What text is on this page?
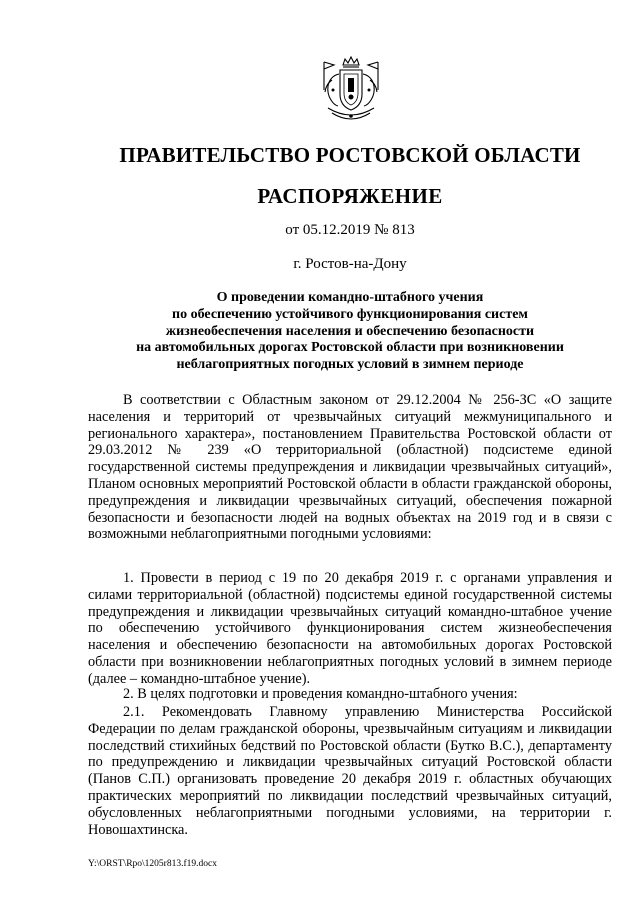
ПРАВИТЕЛЬСТВО РОСТОВСКОЙ ОБЛАСТИ
РАСПОРЯЖЕНИЕ
от 05.12.2019 № 813
г. Ростов-на-Дону
О проведении командно-штабного учения
по обеспечению устойчивого функционирования систем
жизнеобеспечения населения и обеспечению безопасности
на автомобильных дорогах Ростовской области при возникновении
неблагоприятных погодных условий в зимнем периоде

В соответствии с Областным законом от 29.12.2004 № 256-ЗС «О защите населения и территорий от чрезвычайных ситуаций межмуниципального и регионального характера», постановлением Правительства Ростовской области от 29.03.2012 № 239 «О территориальной (областной) подсистеме единой государственной системы предупреждения и ликвидации чрезвычайных ситуаций», Планом основных мероприятий Ростовской области в области гражданской обороны, предупреждения и ликвидации чрезвычайных ситуаций, обеспечения пожарной безопасности и безопасности людей на водных объектах на 2019 год и в связи с возможными неблагоприятными погодными условиями:

1. Провести в период с 19 по 20 декабря 2019 г. с органами управления и силами территориальной (областной) подсистемы единой государственной системы предупреждения и ликвидации чрезвычайных ситуаций командно-штабное учение по обеспечению устойчивого функционирования систем жизнеобеспечения населения и обеспечению безопасности на автомобильных дорогах Ростовской области при возникновении неблагоприятных погодных условий в зимнем периоде (далее – командно-штабное учение).

2. В целях подготовки и проведения командно-штабного учения:

2.1. Рекомендовать Главному управлению Министерства Российской Федерации по делам гражданской обороны, чрезвычайным ситуациям и ликвидации последствий стихийных бедствий по Ростовской области (Бутко В.С.), департаменту по предупреждению и ликвидации чрезвычайных ситуаций Ростовской области (Панов С.П.) организовать проведение 20 декабря 2019 г. областных обучающих практических мероприятий по ликвидации последствий чрезвычайных ситуаций, обусловленных неблагоприятными погодными условиями, на территории г. Новошахтинска.

Y:\ORST\Rpo\1205r813.f19.docx
